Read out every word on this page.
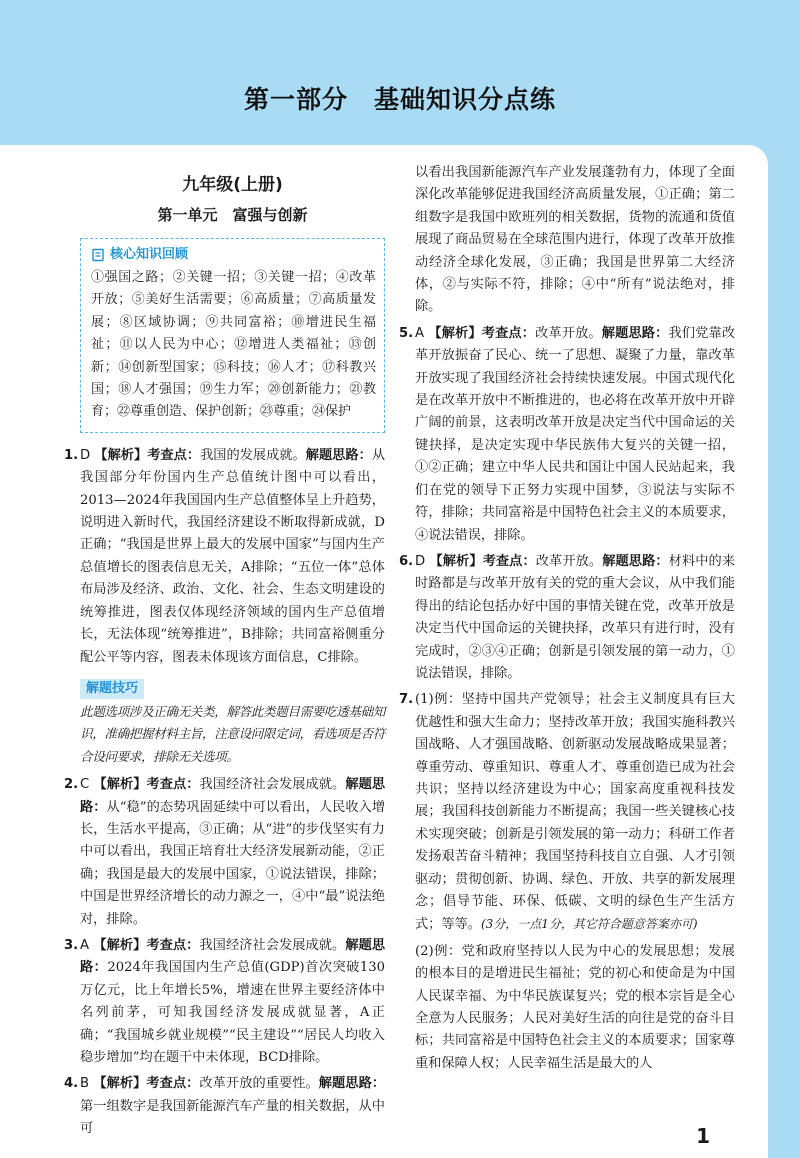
第一部分　基础知识分点练
九年级(上册)
第一单元　富强与创新
核心知识回顾
①强国之路；②关键一招；③关键一招；④改革开放；⑤美好生活需要；⑥高质量；⑦高质量发展；⑧区域协调；⑨共同富裕；⑩增进民生福祉；⑪以人民为中心；⑫增进人类福祉；⑬创新；⑭创新型国家；⑮科技；⑯人才；⑰科教兴国；⑱人才强国；⑲生力军；⑳创新能力；㉑教育；㉒尊重创造、保护创新；㉓尊重；㉔保护
1. D 【解析】考查点：我国的发展成就。解题思路：从我国部分年份国内生产总值统计图中可以看出，2013—2024年我国国内生产总值整体呈上升趋势，说明进入新时代，我国经济建设不断取得新成就，D正确；“我国是世界上最大的发展中国家”与国内生产总值增长的图表信息无关，A排除；“五位一体”总体布局涉及经济、政治、文化、社会、生态文明建设的统筹推进，图表仅体现经济领域的国内生产总值增长，无法体现“统筹推进”，B排除；共同富裕侧重分配公平等内容，图表未体现该方面信息，C排除。
解题技巧
此题选项涉及正确无关类，解答此类题目需要吃透基础知识，准确把握材料主旨，注意设问限定词，看选项是否符合设问要求，排除无关选项。
2. C 【解析】考查点：我国经济社会发展成就。解题思路：从“稳”的态势巩固延续中可以看出，人民收入增长，生活水平提高，③正确；从“进”的步伐坚实有力中可以看出，我国正培育壮大经济发展新动能，②正确；我国是最大的发展中国家，①说法错误，排除；中国是世界经济增长的动力源之一，④中“最”说法绝对，排除。
3. A 【解析】考查点：我国经济社会发展成就。解题思路：2024年我国国内生产总值(GDP)首次突破130万亿元，比上年增长5%，增速在世界主要经济体中名列前茅，可知我国经济发展成就显著，A正确；“我国城乡就业规模”“民主建设”“居民人均收入稳步增加”均在题干中未体现，BCD排除。
4. B 【解析】考查点：改革开放的重要性。解题思路：第一组数字是我国新能源汽车产量的相关数据，从中可
以看出我国新能源汽车产业发展蓬勃有力，体现了全面深化改革能够促进我国经济高质量发展，①正确；第二组数字是我国中欧班列的相关数据，货物的流通和货值展现了商品贸易在全球范围内进行，体现了改革开放推动经济全球化发展，③正确；我国是世界第二大经济体，②与实际不符，排除；④中“所有”说法绝对，排除。
5. A 【解析】考查点：改革开放。解题思路：我们党靠改革开放振奋了民心、统一了思想、凝聚了力量，靠改革开放实现了我国经济社会持续快速发展。中国式现代化是在改革开放中不断推进的，也必将在改革开放中开辟广阔的前景，这表明改革开放是决定当代中国命运的关键抉择，是决定实现中华民族伟大复兴的关键一招，①②正确；建立中华人民共和国让中国人民站起来，我们在党的领导下正努力实现中国梦，③说法与实际不符，排除；共同富裕是中国特色社会主义的本质要求，④说法错误，排除。
6. D 【解析】考查点：改革开放。解题思路：材料中的来时路都是与改革开放有关的党的重大会议，从中我们能得出的结论包括办好中国的事情关键在党，改革开放是决定当代中国命运的关键抉择，改革只有进行时，没有完成时，②③④正确；创新是引领发展的第一动力，①说法错误，排除。
7. (1)例：坚持中国共产党领导；社会主义制度具有巨大优越性和强大生命力；坚持改革开放；我国实施科教兴国战略、人才强国战略、创新驱动发展战略成果显著；尊重劳动、尊重知识、尊重人才、尊重创造已成为社会共识；坚持以经济建设为中心；国家高度重视科技发展；我国科技创新能力不断提高；我国一些关键核心技术实现突破；创新是引领发展的第一动力；科研工作者发扬艰苦奋斗精神；我国坚持科技自立自强、人才引领驱动；贯彻创新、协调、绿色、开放、共享的新发展理念；倡导节能、环保、低碳、文明的绿色生产生活方式；等等。(3分，一点1分，其它符合题意答案亦可)
(2)例：党和政府坚持以人民为中心的发展思想；发展的根本目的是增进民生福祉；党的初心和使命是为中国人民谋幸福、为中华民族谋复兴；党的根本宗旨是全心全意为人民服务；人民对美好生活的向往是党的奋斗目标；共同富裕是中国特色社会主义的本质要求；国家尊重和保障人权；人民幸福生活是最大的人
1
